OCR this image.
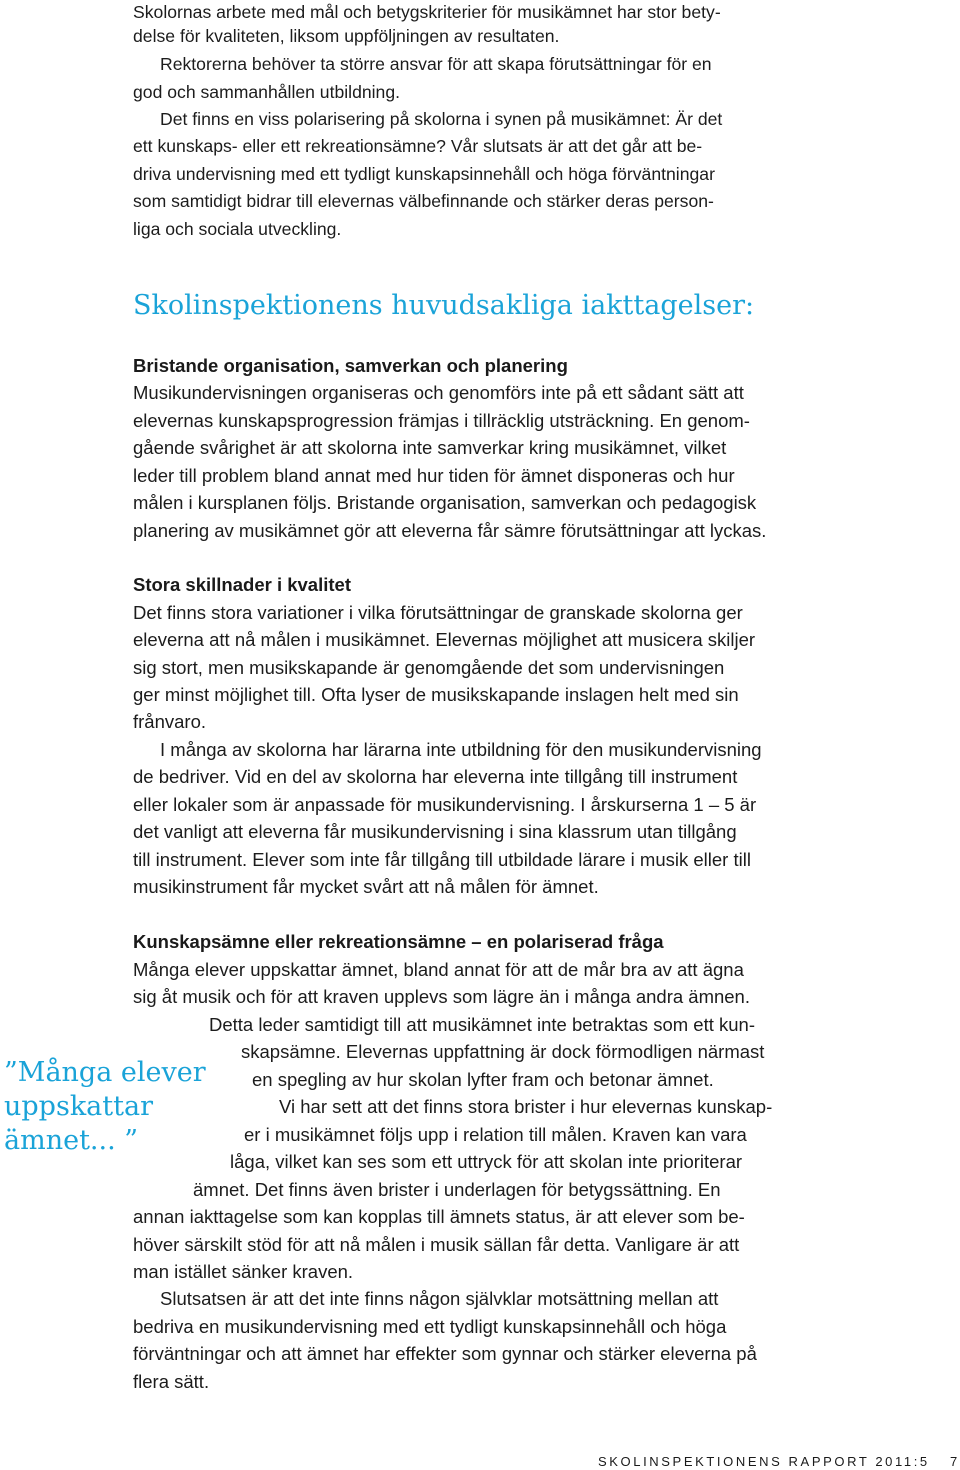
Skolornas arbete med mål och betygskriterier för musikämnet har stor bety-

delse för kvaliteten, liksom uppföljningen av resultaten.

Rektorerna behöver ta större ansvar för att skapa förutsättningar för en

god och sammanhållen utbildning.

Det finns en viss polarisering på skolorna i synen på musikämnet: Är det

ett kunskaps- eller ett rekreationsämne? Vår slutsats är att det går att be-

driva undervisning med ett tydligt kunskapsinnehåll och höga förväntningar

som samtidigt bidrar till elevernas välbefinnande och stärker deras person-

liga och sociala utveckling.

Skolinspektionens huvudsakliga iakttagelser:
Bristande organisation, samverkan och planering

Musikundervisningen organiseras och genomförs inte på ett sådant sätt att

elevernas kunskapsprogression främjas i tillräcklig utsträckning. En genom-

gående svårighet är att skolorna inte samverkar kring musikämnet, vilket

leder till problem bland annat med hur tiden för ämnet disponeras och hur

målen i kursplanen följs. Bristande organisation, samverkan och pedagogisk

planering av musikämnet gör att eleverna får sämre förutsättningar att lyckas.

Stora skillnader i kvalitet

Det finns stora variationer i vilka förutsättningar de granskade skolorna ger

eleverna att nå målen i musikämnet. Elevernas möjlighet att musicera skiljer

sig stort, men musikskapande är genomgående det som undervisningen

ger minst möjlighet till. Ofta lyser de musikskapande inslagen helt med sin

frånvaro.

I många av skolorna har lärarna inte utbildning för den musikundervisning

de bedriver. Vid en del av skolorna har eleverna inte tillgång till instrument

eller lokaler som är anpassade för musikundervisning. I årskurserna 1 – 5 är

det vanligt att eleverna får musikundervisning i sina klassrum utan tillgång

till instrument. Elever som inte får tillgång till utbildade lärare i musik eller till

musikinstrument får mycket svårt att nå målen för ämnet.

Kunskapsämne eller rekreationsämne – en polariserad fråga

Många elever uppskattar ämnet, bland annat för att de mår bra av att ägna

sig åt musik och för att kraven upplevs som lägre än i många andra ämnen.

Detta leder samtidigt till att musikämnet inte betraktas som ett kun-

skapsämne. Elevernas uppfattning är dock förmodligen närmast

en spegling av hur skolan lyfter fram och betonar ämnet.

Vi har sett att det finns stora brister i hur elevernas kunskap-

er i musikämnet följs upp i relation till målen. Kraven kan vara

låga, vilket kan ses som ett uttryck för att skolan inte prioriterar

ämnet. Det finns även brister i underlagen för betygssättning. En

annan iakttagelse som kan kopplas till ämnets status, är att elever som be-

höver särskilt stöd för att nå målen i musik sällan får detta. Vanligare är att

man istället sänker kraven.

Slutsatsen är att det inte finns någon självklar motsättning mellan att

bedriva en musikundervisning med ett tydligt kunskapsinnehåll och höga

förväntningar och att ämnet har effekter som gynnar och stärker eleverna på

flera sätt.

”Många elever
uppskattar
ämnet... ”

SKOLINSPEKTIONENS RAPPORT 2011:5 7
